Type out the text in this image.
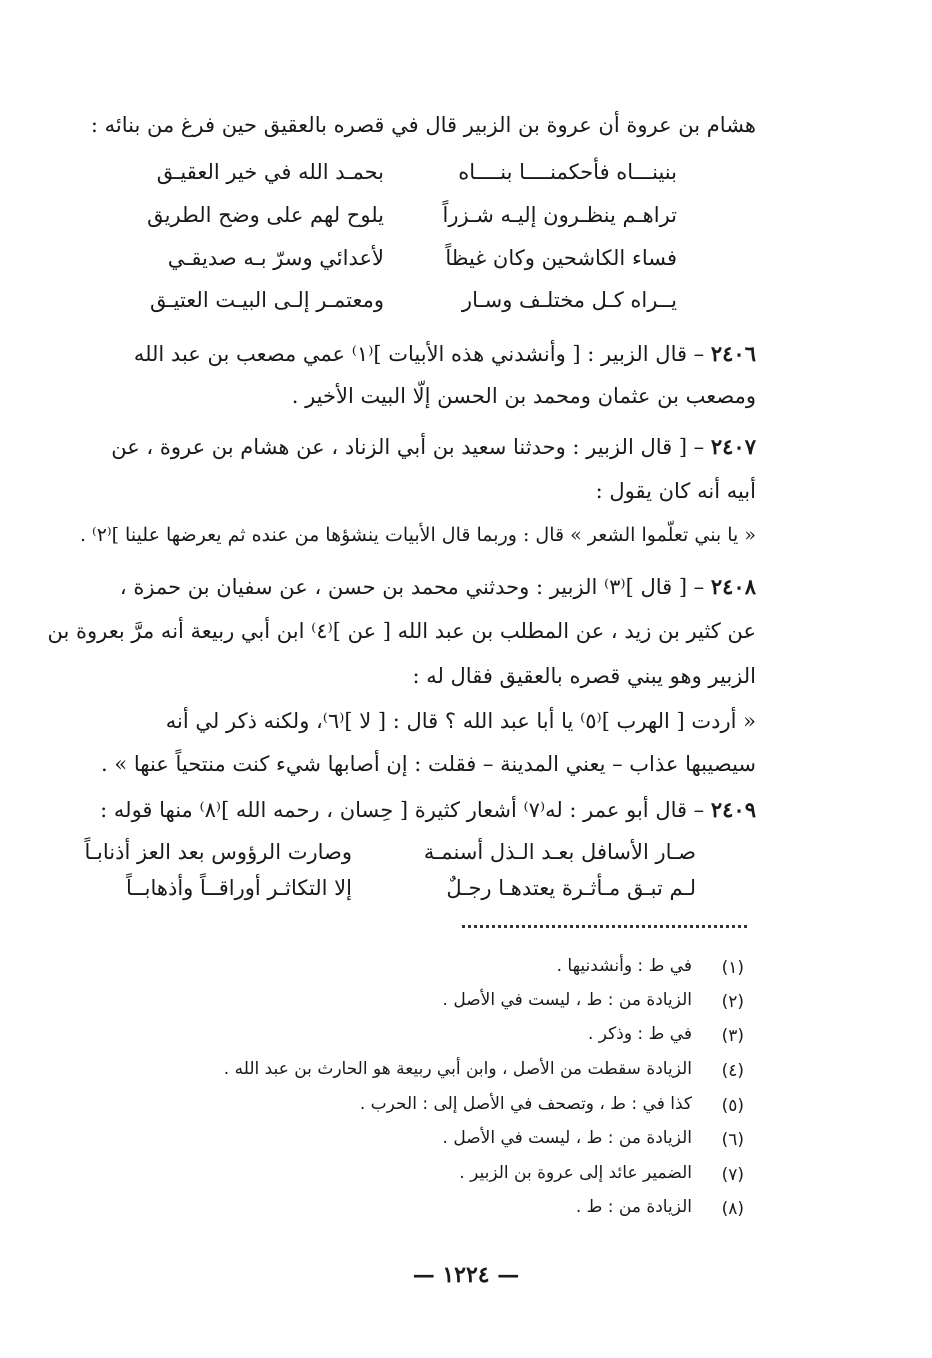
هشام بن عروة أن عروة بن الزبير قال في قصره بالعقيق حين فرغ من بنائه :
بنينـــاه فأحكمنــــا بنــــاه
بحمـد الله في خير العقيـق
تراهـم ينظـرون إليـه شـزراً
يلوح لهم على وضح الطريق
فساء الكاشحين وكان غيظاً
لأعدائي وسرّ بـه صديقـي
يــراه كـل مختلـف وسـار
ومعتمـر إلـى البيـت العتيـق
٢٤٠٦ – قال الزبير : [ وأنشدني هذه الأبيات ]⁽١⁾ عمي مصعب بن عبد الله
ومصعب بن عثمان ومحمد بن الحسن إلّا البيت الأخير .
٢٤٠٧ – [ قال الزبير : وحدثنا سعيد بن أبي الزناد ، عن هشام بن عروة ، عن
أبيه أنه كان يقول :
« يا بني تعلّموا الشعر » قال : وربما قال الأبيات ينشؤها من عنده ثم يعرضها علينا ]⁽٢⁾ .
٢٤٠٨ – [ قال ]⁽٣⁾ الزبير : وحدثني محمد بن حسن ، عن سفيان بن حمزة ،
عن كثير بن زيد ، عن المطلب بن عبد الله [ عن ]⁽٤⁾ ابن أبي ربيعة أنه مرَّ بعروة بن
الزبير وهو يبني قصره بالعقيق فقال له :
« أردت [ الهرب ]⁽٥⁾ يا أبا عبد الله ؟ قال : [ لا ]⁽٦⁾، ولكنه ذكر لي أنه
سيصيبها عذاب – يعني المدينة – فقلت : إن أصابها شيء كنت منتحياً عنها » .
٢٤٠٩ – قال أبو عمر : له⁽٧⁾ أشعار كثيرة [ حِسان ، رحمه الله ]⁽٨⁾ منها قوله :
صـار الأسافل بعـد الـذل أسنمـة
وصارت الرؤوس بعد العز أذنابـاً
لـم تبـق مـأثـرة يعتدهـا رجـلٌ
إلا التكاثـر أوراقــاً وأذهابــاً
(١)
في ط : وأنشدنيها .
(٢)
الزيادة من : ط ، ليست في الأصل .
(٣)
في ط : وذكر .
(٤)
الزيادة سقطت من الأصل ، وابن أبي ربيعة هو الحارث بن عبد الله .
(٥)
كذا في : ط ، وتصحف في الأصل إلى : الحرب .
(٦)
الزيادة من : ط ، ليست في الأصل .
(٧)
الضمير عائد إلى عروة بن الزبير .
(٨)
الزيادة من : ط .
— ١٢٢٤ —
